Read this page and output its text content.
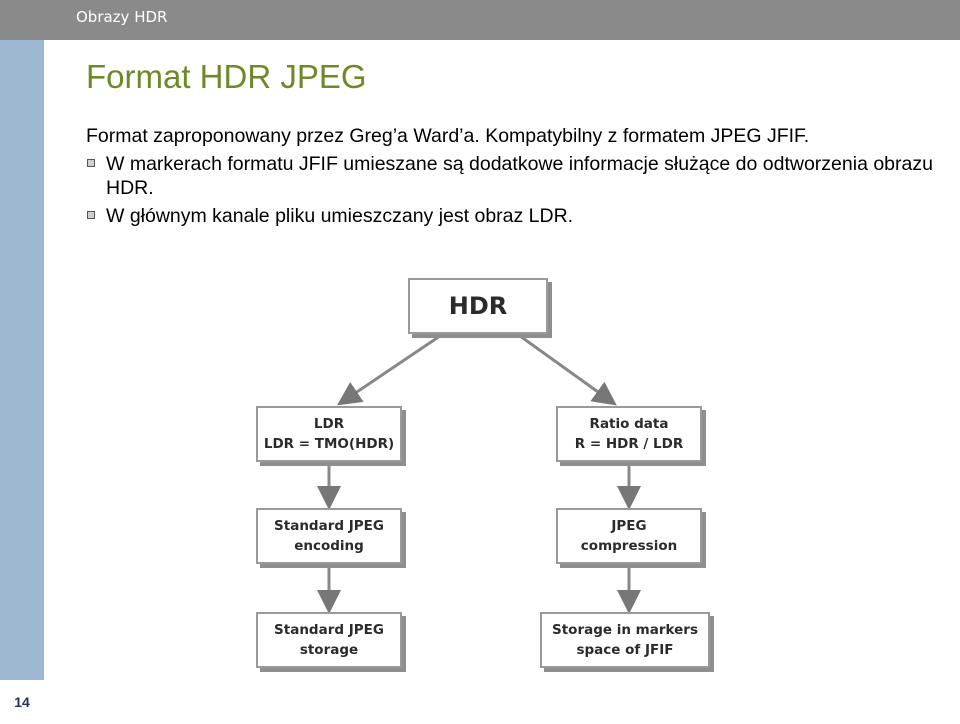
Obrazy HDR
14
Format HDR JPEG

Format zaproponowany przez Greg’a Ward’a. Kompatybilny z formatem JPEG JFIF.

W markerach formatu JFIF umieszane są dodatkowe informacje służące do odtworzenia obrazu HDR.
W głównym kanale pliku umieszczany jest obraz LDR.
HDR
LDR
LDR = TMO(HDR)
Ratio data
R = HDR / LDR
Standard JPEG
encoding
JPEG
compression
Standard JPEG
storage
Storage in markers
space of JFIF
